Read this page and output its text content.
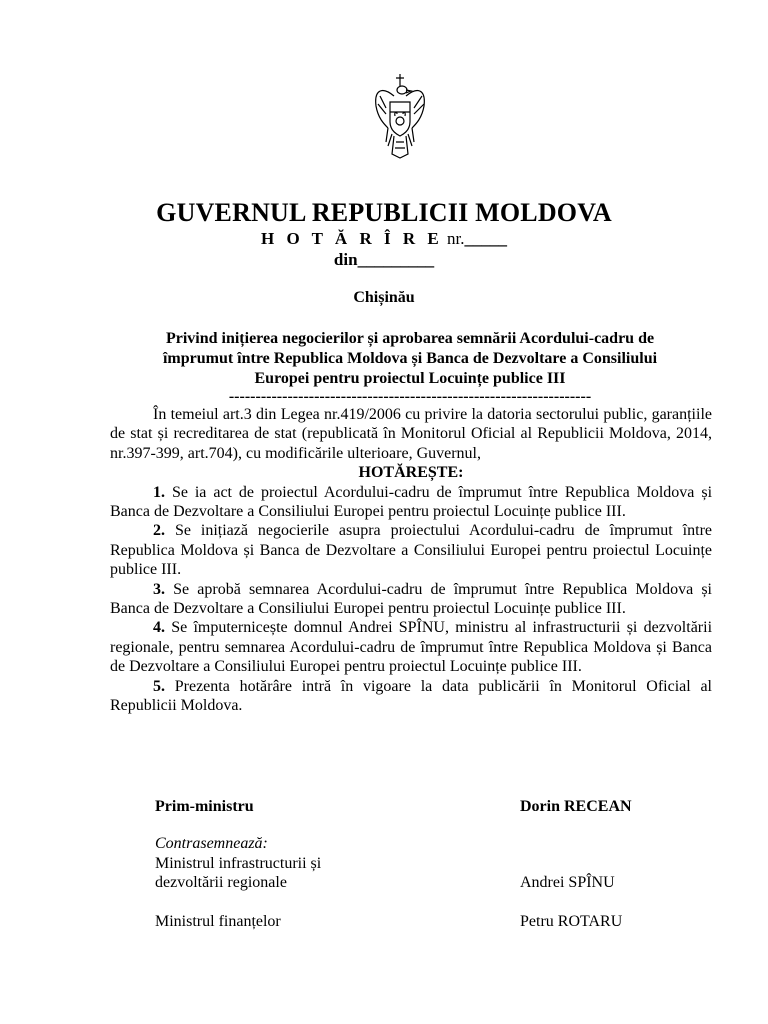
GUVERNUL REPUBLICII MOLDOVA
H O T Ă R Î R E nr._____
din_________
Chișinău
Privind inițierea negocierilor și aprobarea semnării Acordului-cadru de
împrumut între Republica Moldova și Banca de Dezvoltare a Consiliului
Europei pentru proiectul Locuințe publice III
--------------------------------------------------------------------

În temeiul art.3 din Legea nr.419/2006 cu privire la datoria sectorului public, garanțiile de stat și recreditarea de stat (republicată în Monitorul Oficial al Republicii Moldova, 2014, nr.397-399, art.704), cu modificările ulterioare, Guvernul,

HOTĂREȘTE:

1. Se ia act de proiectul Acordului-cadru de împrumut între Republica Moldova și Banca de Dezvoltare a Consiliului Europei pentru proiectul Locuințe publice III.

2. Se inițiază negocierile asupra proiectului Acordului-cadru de împrumut între Republica Moldova și Banca de Dezvoltare a Consiliului Europei pentru proiectul Locuințe publice III.

3. Se aprobă semnarea Acordului-cadru de împrumut între Republica Moldova și Banca de Dezvoltare a Consiliului Europei pentru proiectul Locuințe publice III.

4. Se împuternicește domnul Andrei SPÎNU, ministru al infrastructurii și dezvoltării regionale, pentru semnarea Acordului-cadru de împrumut între Republica Moldova și Banca de Dezvoltare a Consiliului Europei pentru proiectul Locuințe publice III.

5. Prezenta hotărâre intră în vigoare la data publicării în Monitorul Oficial al Republicii Moldova.

Prim-ministru	Dorin RECEAN
Contrasemnează:
Ministrul infrastructurii și
dezvoltării regionale	Andrei SPÎNU
Ministrul finanțelor	Petru ROTARU
